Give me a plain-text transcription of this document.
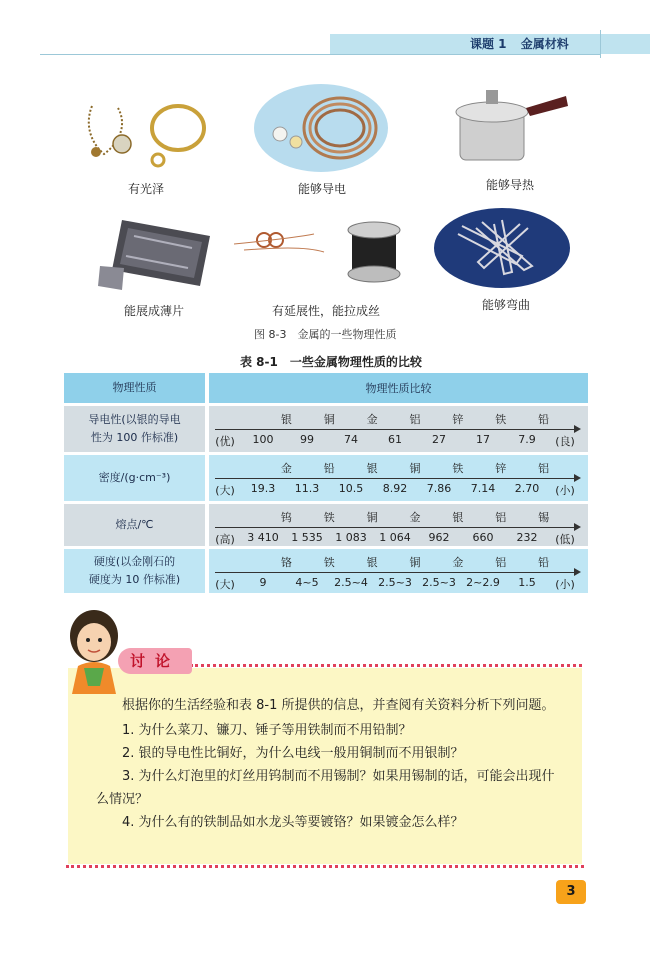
课题 1 金属材料
有光泽	能够导电	能够导热
能展成薄片	有延展性，能拉成丝	能够弯曲
图 8-3　金属的一些物理性质
表 8-1　一些金属物理性质的比较
物理性质	物理性质比较
导电性(以银的导电
性为 100 作标准)
银	铜	金	铝	锌	铁	铅
(优)	100	99	74	61	27	17	7.9	(良)
密度/(g·cm⁻³)
金	铅	银	铜	铁	锌	铝
(大)	19.3	11.3	10.5	8.92	7.86	7.14	2.70	(小)
熔点/℃
钨	铁	铜	金	银	铝	锡
(高)	3 410	1 535	1 083	1 064	962	660	232	(低)
硬度(以金刚石的
硬度为 10 作标准)
铬	铁	银	铜	金	铝	铅
(大)	9	4~5	2.5~4 2.5~3 2.5~3 2~2.9	1.5	(小)
讨论

根据你的生活经验和表 8-1 所提供的信息，并查阅有关资料分析下列问题。

1. 为什么菜刀、镰刀、锤子等用铁制而不用铅制？

2. 银的导电性比铜好，为什么电线一般用铜制而不用银制？

3. 为什么灯泡里的灯丝用钨制而不用锡制？如果用锡制的话，可能会出现什么情况？

4. 为什么有的铁制品如水龙头等要镀铬？如果镀金怎么样？

3
